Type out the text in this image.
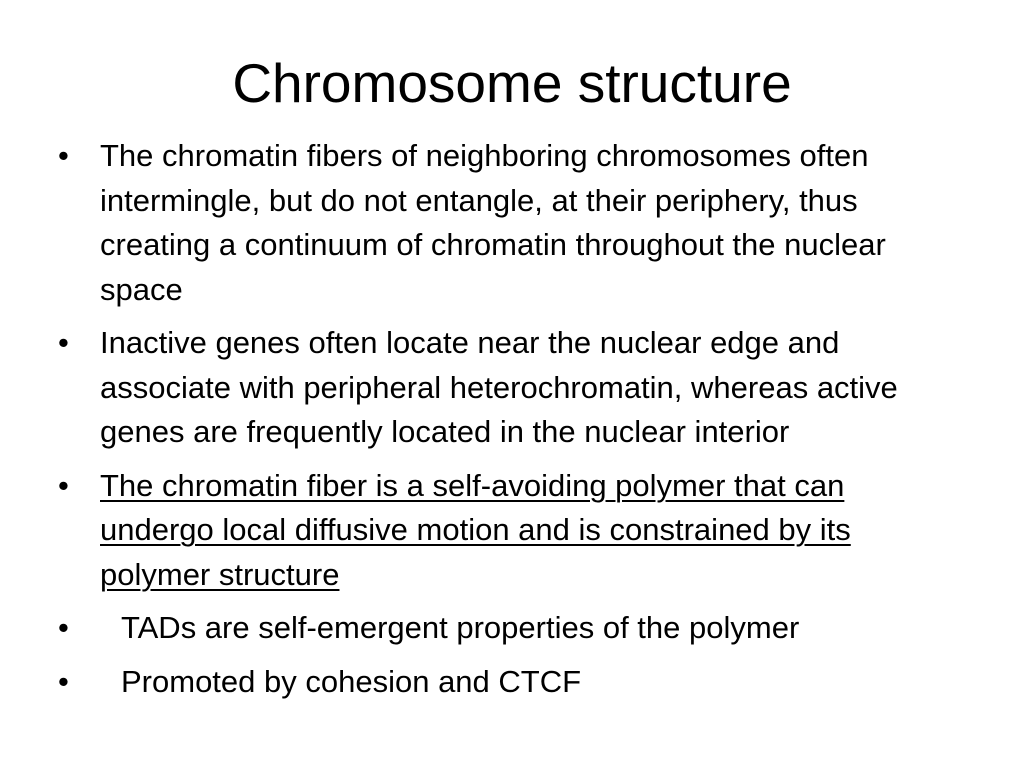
Chromosome structure
•	The chromatin fibers of neighboring chromosomes often intermingle, but do not entangle, at their periphery, thus creating a continuum of chromatin throughout the nuclear space
•	Inactive genes often locate near the nuclear edge and associate with peripheral heterochromatin, whereas active genes are frequently located in the nuclear interior
•	The chromatin fiber is a self-avoiding polymer that can undergo local diffusive motion and is constrained by its polymer structure
•	TADs are self-emergent properties of the polymer
•	Promoted by cohesion and CTCF
